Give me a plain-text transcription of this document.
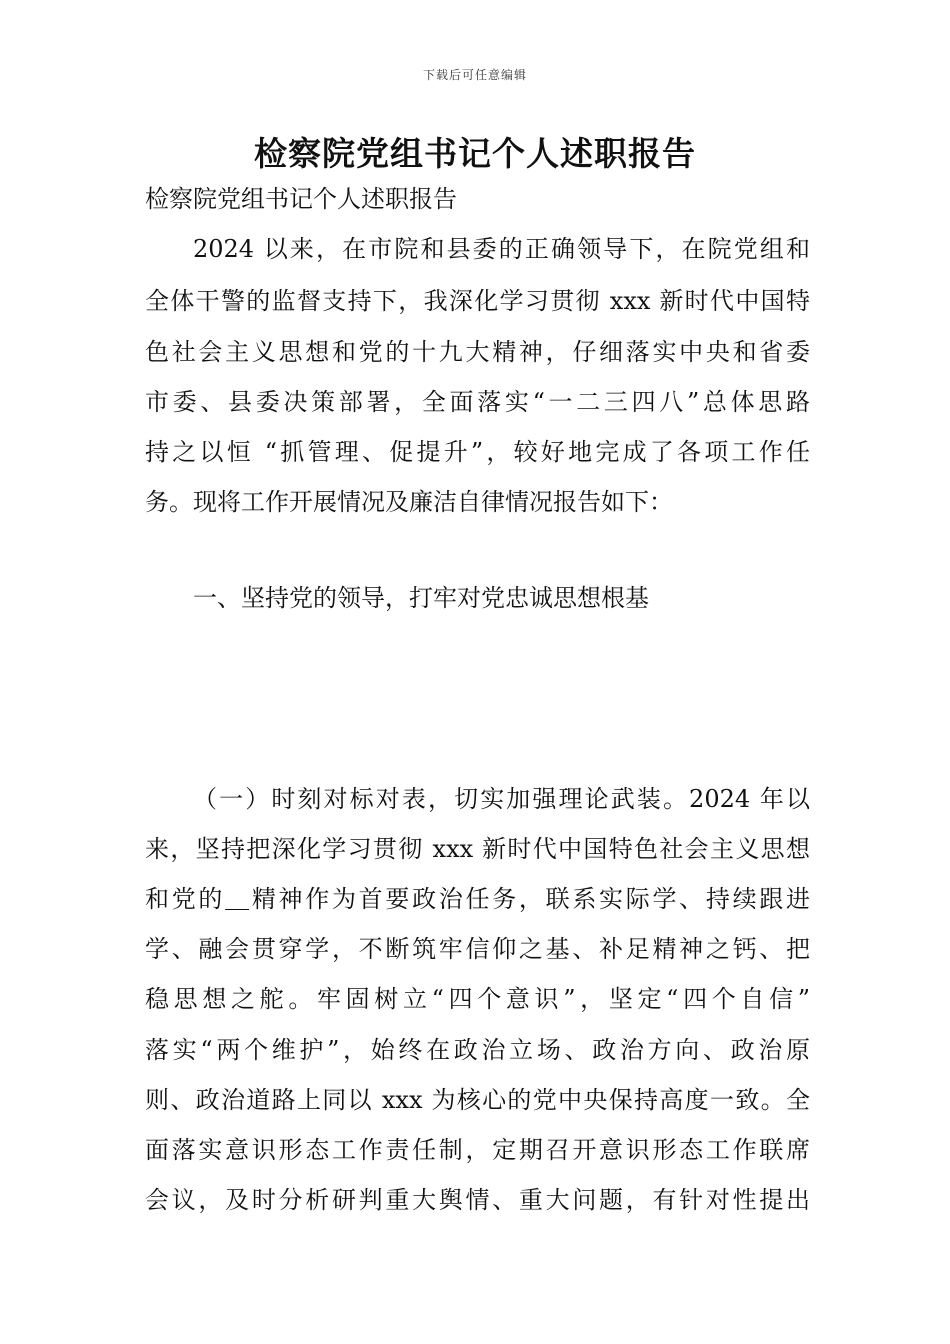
下载后可任意编辑
检察院党组书记个人述职报告
检察院党组书记个人述职报告
2024 以来，在市院和县委的正确领导下，在院党组和
全体干警的监督支持下，我深化学习贯彻 xxx 新时代中国特
色社会主义思想和党的十九大精神，仔细落实中央和省委
市委、县委决策部署，全面落实“一二三四八”总体思路
持之以恒 “抓管理、促提升”，较好地完成了各项工作任
务。现将工作开展情况及廉洁自律情况报告如下：
一、坚持党的领导，打牢对党忠诚思想根基
（一）时刻对标对表，切实加强理论武装。2024 年以
来，坚持把深化学习贯彻 xxx 新时代中国特色社会主义思想
和党的＿精神作为首要政治任务，联系实际学、持续跟进
学、融会贯穿学，不断筑牢信仰之基、补足精神之钙、把
稳思想之舵。牢固树立“四个意识”，坚定“四个自信”
落实“两个维护”，始终在政治立场、政治方向、政治原
则、政治道路上同以 xxx 为核心的党中央保持高度一致。全
面落实意识形态工作责任制，定期召开意识形态工作联席
会议，及时分析研判重大舆情、重大问题，有针对性提出
